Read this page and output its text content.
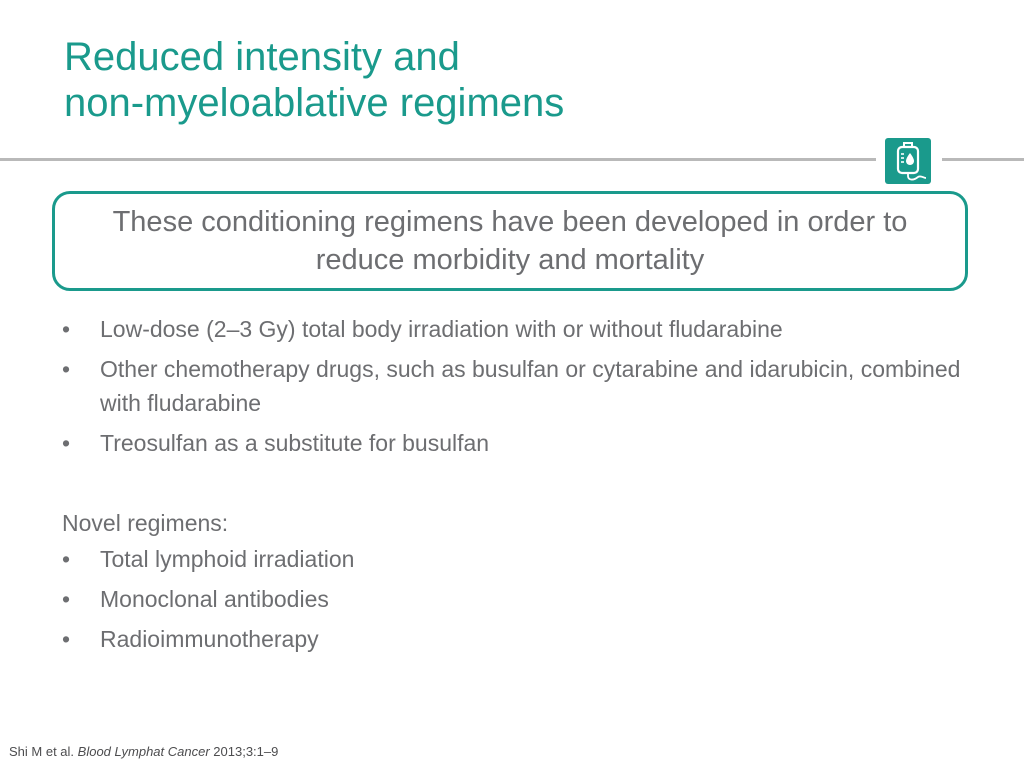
Reduced intensity and
non-myeloablative regimens
These conditioning regimens have been developed in order to reduce morbidity and mortality
• Low-dose (2–3 Gy) total body irradiation with or without fludarabine
• Other chemotherapy drugs, such as busulfan or cytarabine and idarubicin, combined with fludarabine
• Treosulfan as a substitute for busulfan
Novel regimens:
• Total lymphoid irradiation
• Monoclonal antibodies
• Radioimmunotherapy
Shi M et al. Blood Lymphat Cancer 2013;3:1–9
